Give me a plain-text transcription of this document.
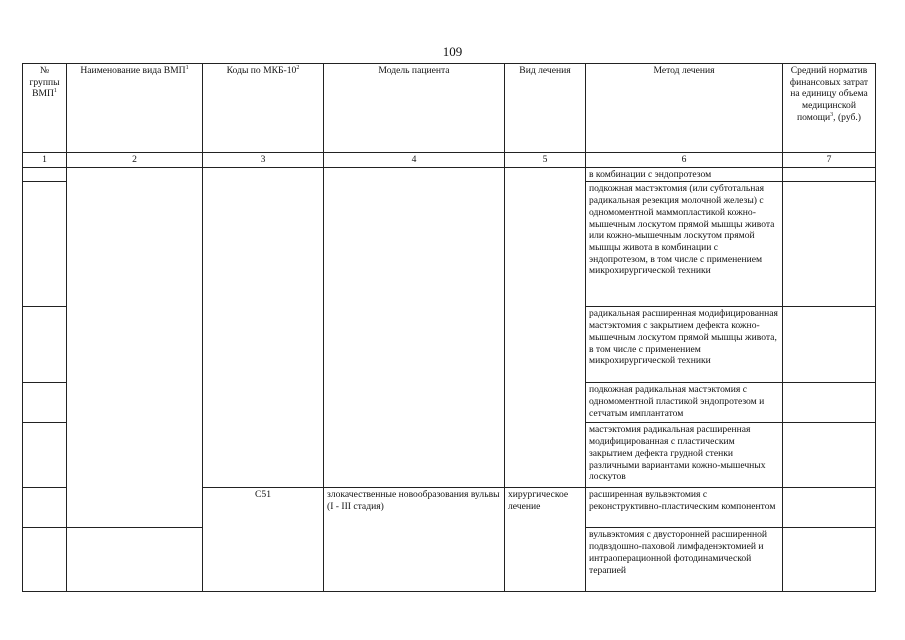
109
№ группы ВМП$^1$	Наименование вида ВМП$^1$	Коды по МКБ-$10^2$	Модель пациента	Вид лечения	Метод лечения	Средний норматив финансовых затрат на единицу объема медицинской помощи$^3$, (руб.)
1	2	3	4	5	6	7
					в комбинации с эндопротезом	
					подкожная мастэктомия (или субтотальная радикальная резекция молочной железы) с одномоментной маммопластикой кожно-мышечным лоскутом прямой мышцы живота или кожно-мышечным лоскутом прямой мышцы живота в комбинации с эндопротезом, в том числе с применением микрохирургической техники	
					радикальная расширенная модифицированная мастэктомия с закрытием дефекта кожно-мышечным лоскутом прямой мышцы живота, в том числе с применением микрохирургической техники	
					подкожная радикальная мастэктомия с одномоментной пластикой эндопротезом и сетчатым имплантатом	
					мастэктомия радикальная расширенная модифицированная с пластическим закрытием дефекта грудной стенки различными вариантами кожно-мышечных лоскутов	
		C51	злокачественные новообразования вульвы (I - III стадия)	хирургическое лечение	расширенная вульвэктомия с реконструктивно-пластическим компонентом	
					вульвэктомия с двусторонней расширенной подвздошно-паховой лимфаденэктомией и интраоперационной фотодинамической терапией	
